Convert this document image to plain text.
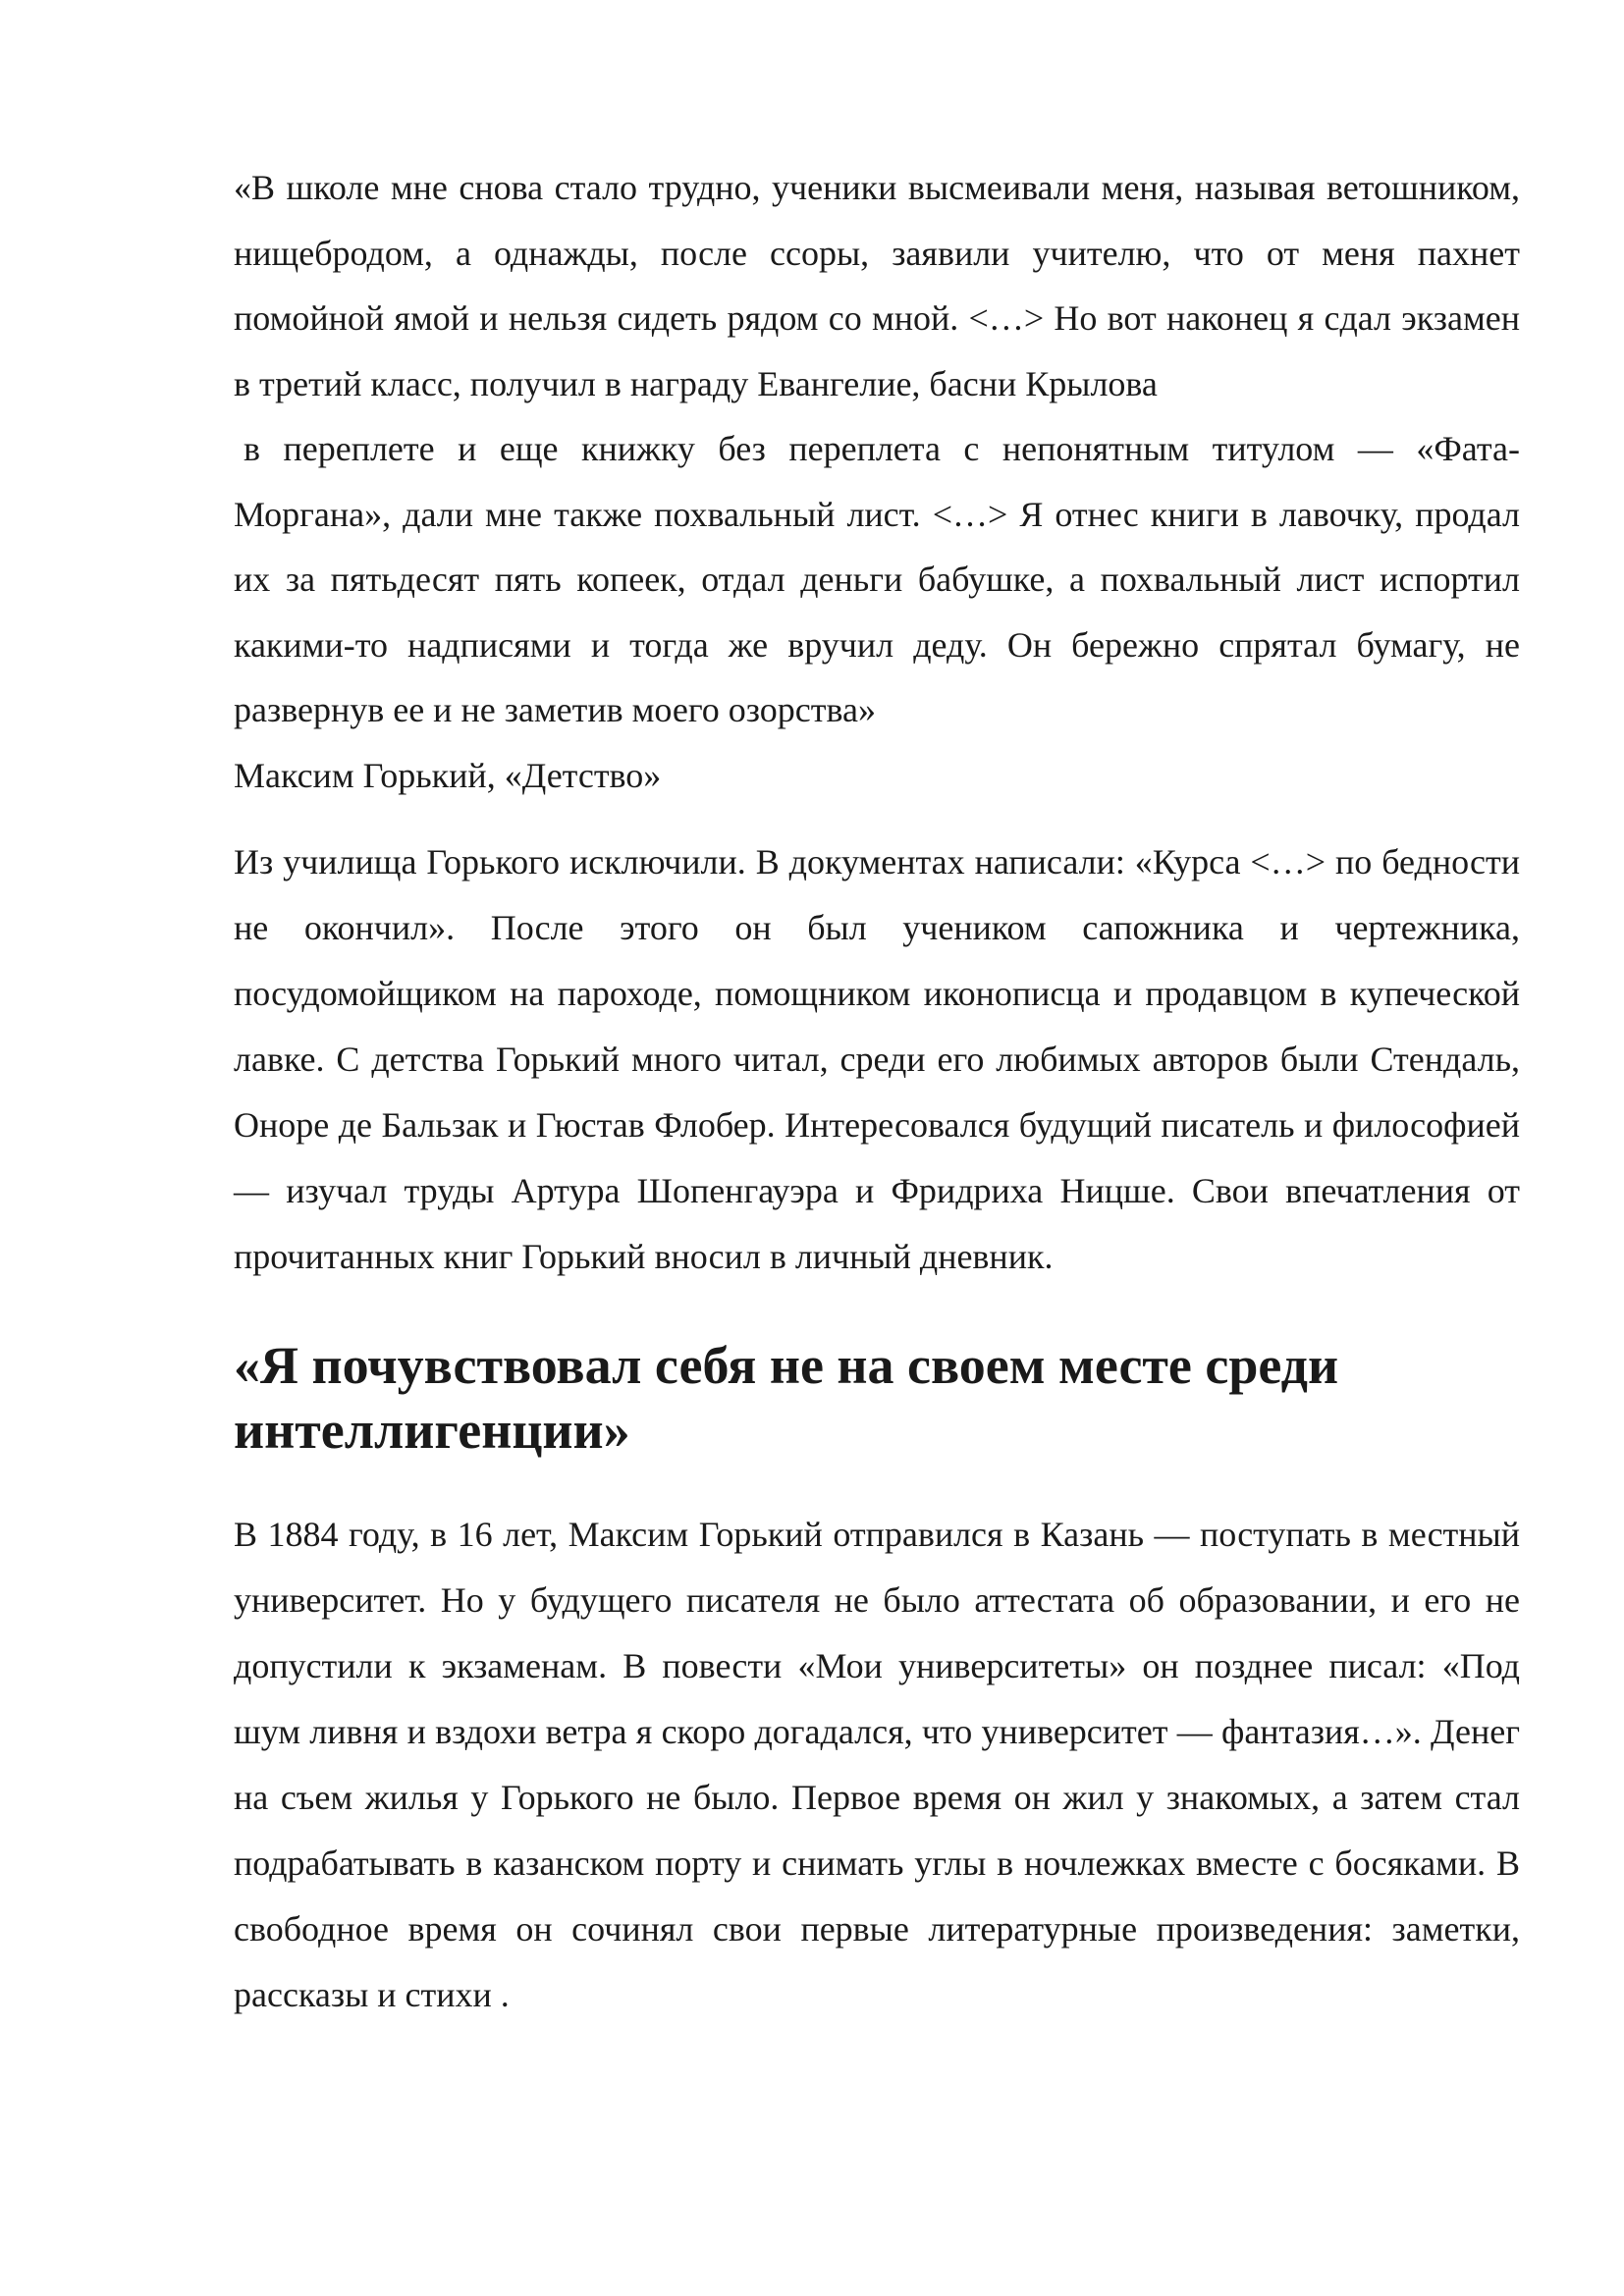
«В школе мне снова стало трудно, ученики высмеивали меня, называя ветошником, нищебродом, а однажды, после ссоры, заявили учителю, что от меня пахнет помойной ямой и нельзя сидеть рядом со мной. <…> Но вот наконец я сдал экзамен в третий класс, получил в награду Евангелие, басни Крылова

в переплете и еще книжку без переплета с непонятным титулом — «Фата-Моргана», дали мне также похвальный лист. <…> Я отнес книги в лавочку, продал их за пятьдесят пять копеек, отдал деньги бабушке, а похвальный лист испортил какими-то надписями и тогда же вручил деду. Он бережно спрятал бумагу, не развернув ее и не заметив моего озорства»

Максим Горький, «Детство»

Из училища Горького исключили. В документах написали: «Курса <…> по бедности не окончил». После этого он был учеником сапожника и чертежника, посудомойщиком на пароходе, помощником иконописца и продавцом в купеческой лавке. С детства Горький много читал, среди его любимых авторов были Стендаль, Оноре де Бальзак и Гюстав Флобер. Интересовался будущий писатель и философией — изучал труды Артура Шопенгауэра и Фридриха Ницше. Свои впечатления от прочитанных книг Горький вносил в личный дневник.

«Я почувствовал себя не на своем месте среди интеллигенции»

В 1884 году, в 16 лет, Максим Горький отправился в Казань — поступать в местный университет. Но у будущего писателя не было аттестата об образовании, и его не допустили к экзаменам. В повести «Мои университеты» он позднее писал: «Под шум ливня и вздохи ветра я скоро догадался, что университет — фантазия…». Денег на съем жилья у Горького не было. Первое время он жил у знакомых, а затем стал подрабатывать в казанском порту и снимать углы в ночлежках вместе с босяками. В свободное время он сочинял свои первые литературные произведения: заметки, рассказы и стихи .
